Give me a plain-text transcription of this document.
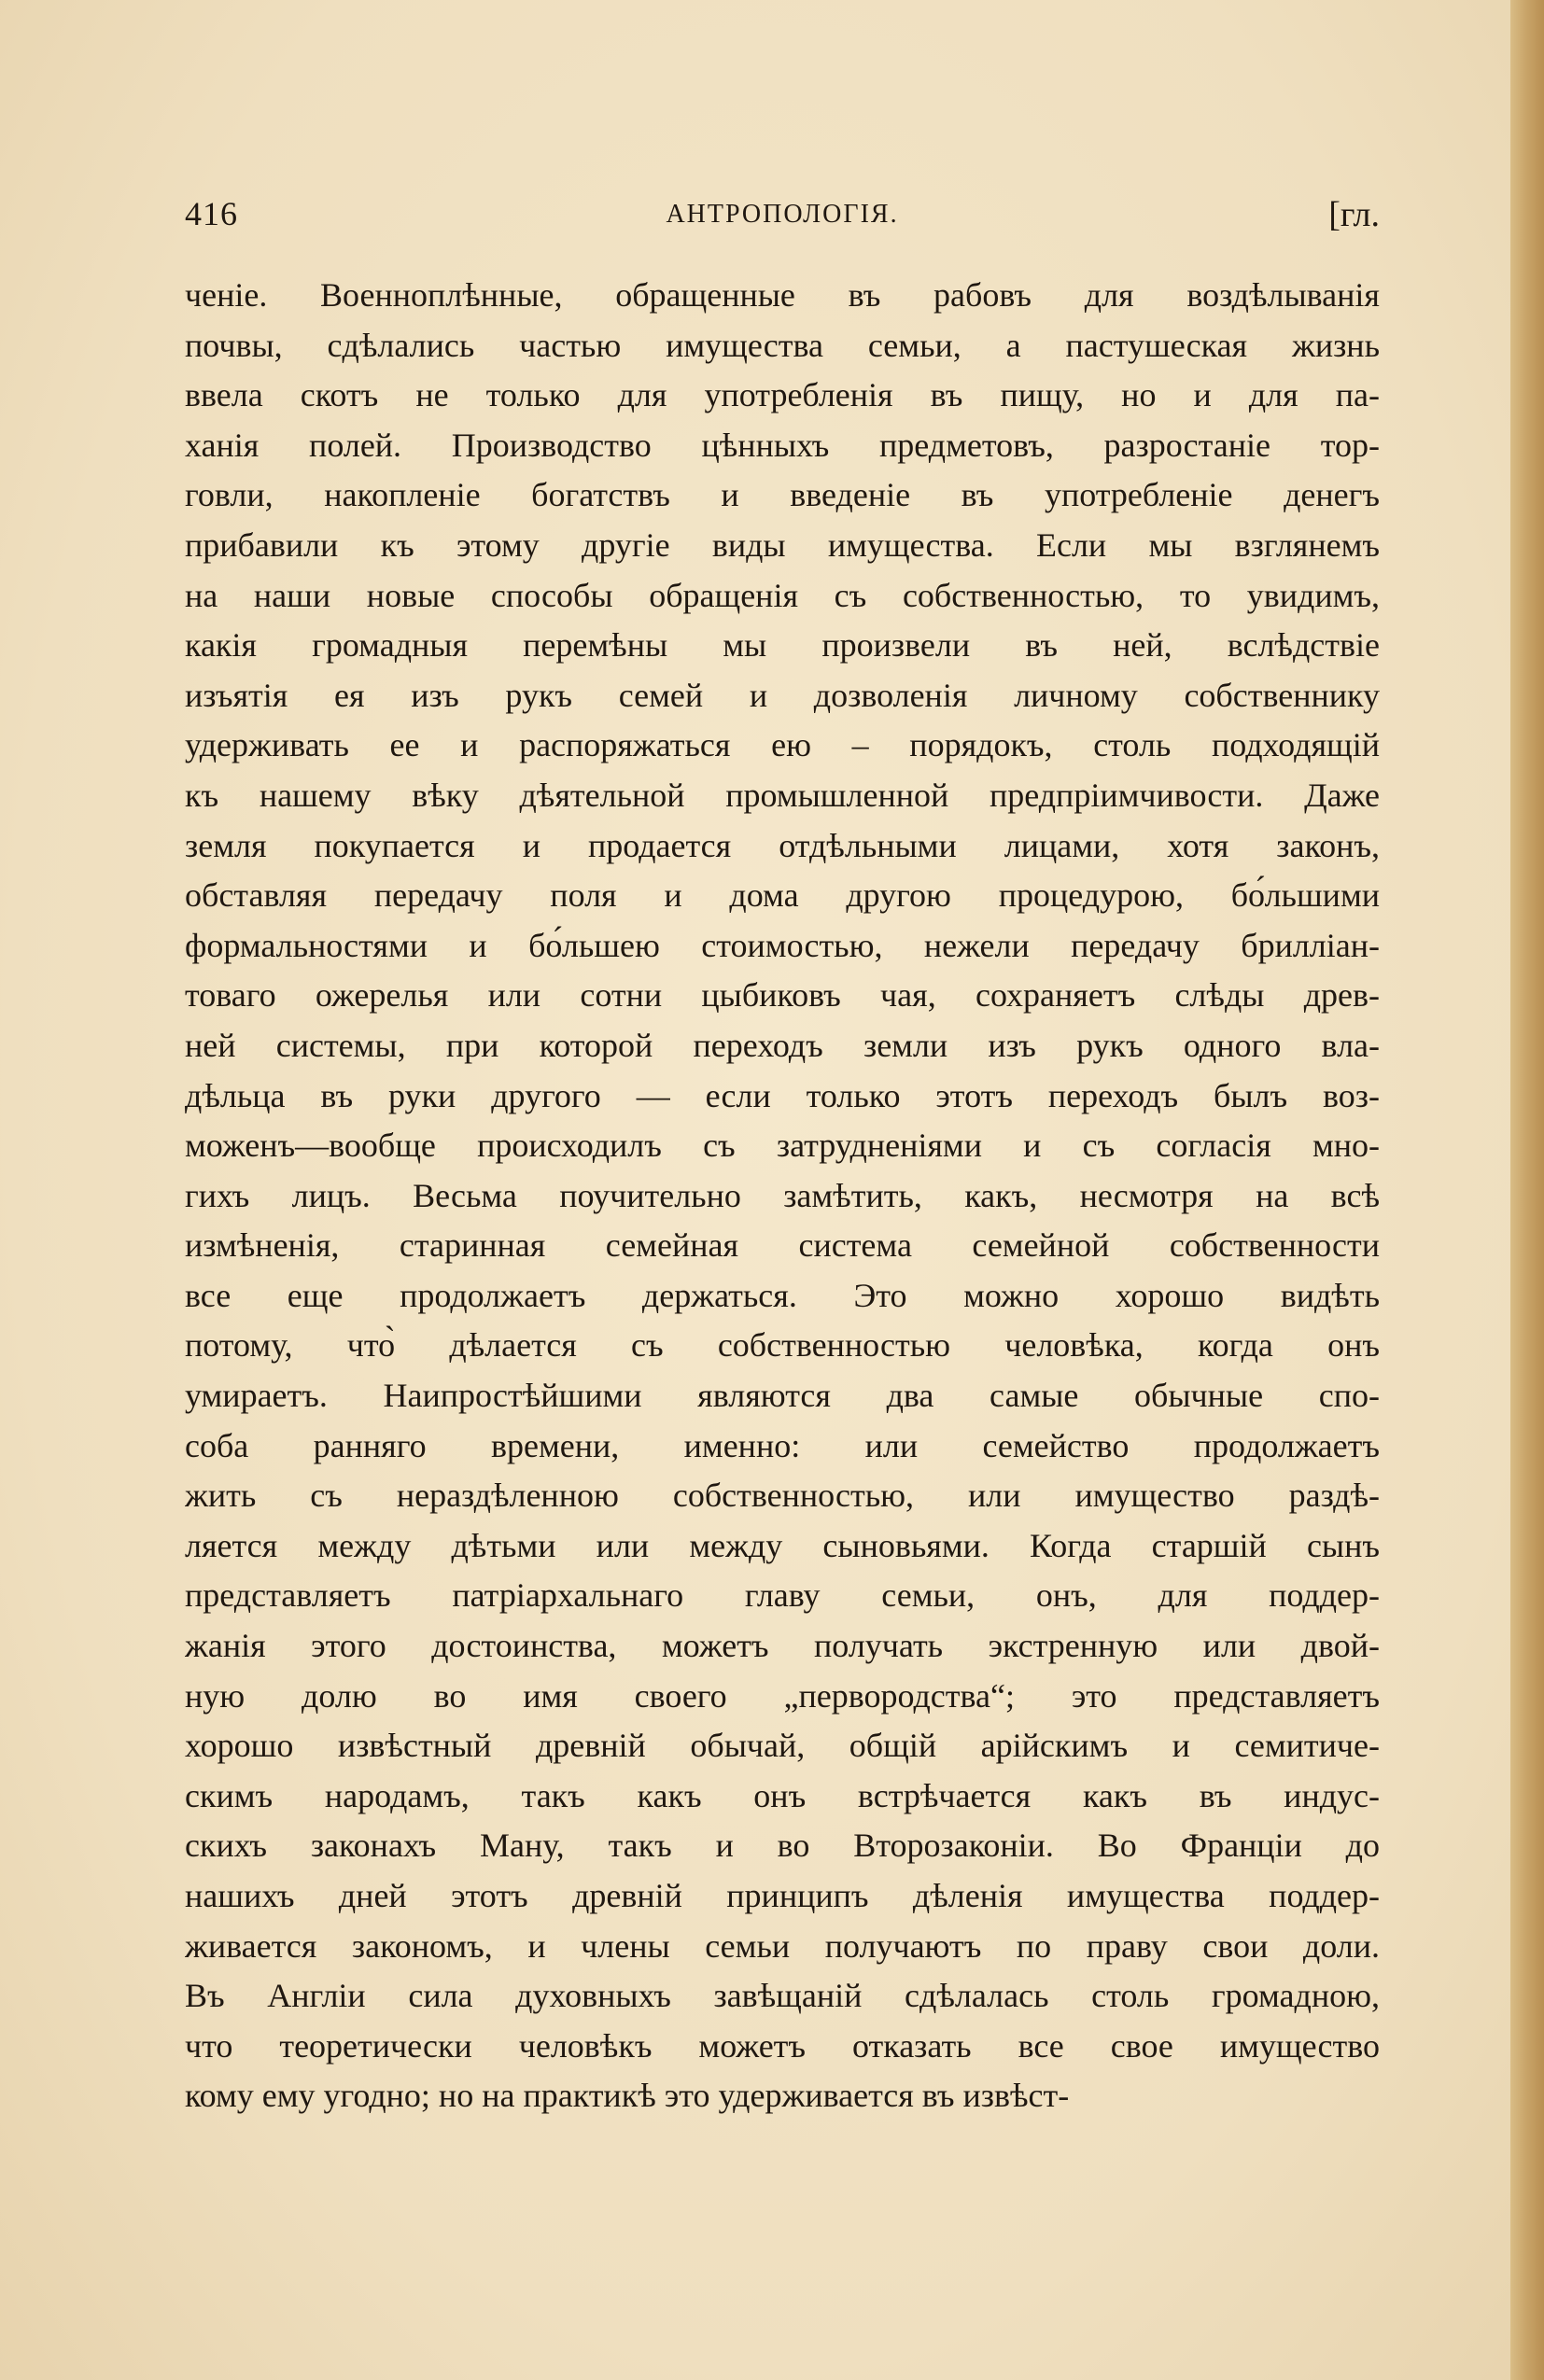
416	АНТРОПОЛОГІЯ.	[гл.
ченіе. Военноплѣнные, обращенные въ рабовъ для воздѣлыванія
почвы, сдѣлались частью имущества семьи, а пастушеская жизнь
ввела скотъ не только для употребленія въ пищу, но и для па-
ханія полей. Производство цѣнныхъ предметовъ, разростаніе тор-
говли, накопленіе богатствъ и введеніе въ употребленіе денегъ
прибавили къ этому другіе виды имущества. Если мы взглянемъ
на наши новые способы обращенія съ собственностью, то увидимъ,
какія громадныя перемѣны мы произвели въ ней, вслѣдствіе
изъятія ея изъ рукъ семей и дозволенія личному собственнику
удерживать ее и распоряжаться ею – порядокъ, столь подходящій
къ нашему вѣку дѣятельной промышленной предпріимчивости. Даже
земля покупается и продается отдѣльными лицами, хотя законъ,
обставляя передачу поля и дома другою процедурою, бо́льшими
формальностями и бо́льшею стоимостью, нежели передачу брилліан-
товаго ожерелья или сотни цыбиковъ чая, сохраняетъ слѣды древ-
ней системы, при которой переходъ земли изъ рукъ одного вла-
дѣльца въ руки другого — если только этотъ переходъ былъ воз-
моженъ—вообще происходилъ съ затрудненіями и съ согласія мно-
гихъ лицъ. Весьма поучительно замѣтить, какъ, несмотря на всѣ
измѣненія, старинная семейная система семейной собственности
все еще продолжаетъ держаться. Это можно хорошо видѣть
потому, что̀ дѣлается съ собственностью человѣка, когда онъ
умираетъ. Наипростѣйшими являются два самые обычные спо-
соба ранняго времени, именно: или семейство продолжаетъ
жить съ нераздѣленною собственностью, или имущество раздѣ-
ляется между дѣтьми или между сыновьями. Когда старшій сынъ
представляетъ патріархальнаго главу семьи, онъ, для поддер-
жанія этого достоинства, можетъ получать экстренную или двой-
ную долю во имя своего „первородства“; это представляетъ
хорошо извѣстный древній обычай, общій арійскимъ и семитиче-
скимъ народамъ, такъ какъ онъ встрѣчается какъ въ индус-
скихъ законахъ Ману, такъ и во Второзаконіи. Во Франціи до
нашихъ дней этотъ древній принципъ дѣленія имущества поддер-
живается закономъ, и члены семьи получаютъ по праву свои доли.
Въ Англіи сила духовныхъ завѣщаній сдѣлалась столь громадною,
что теоретически человѣкъ можетъ отказать все свое имущество
кому ему угодно; но на практикѣ это удерживается въ извѣст-
